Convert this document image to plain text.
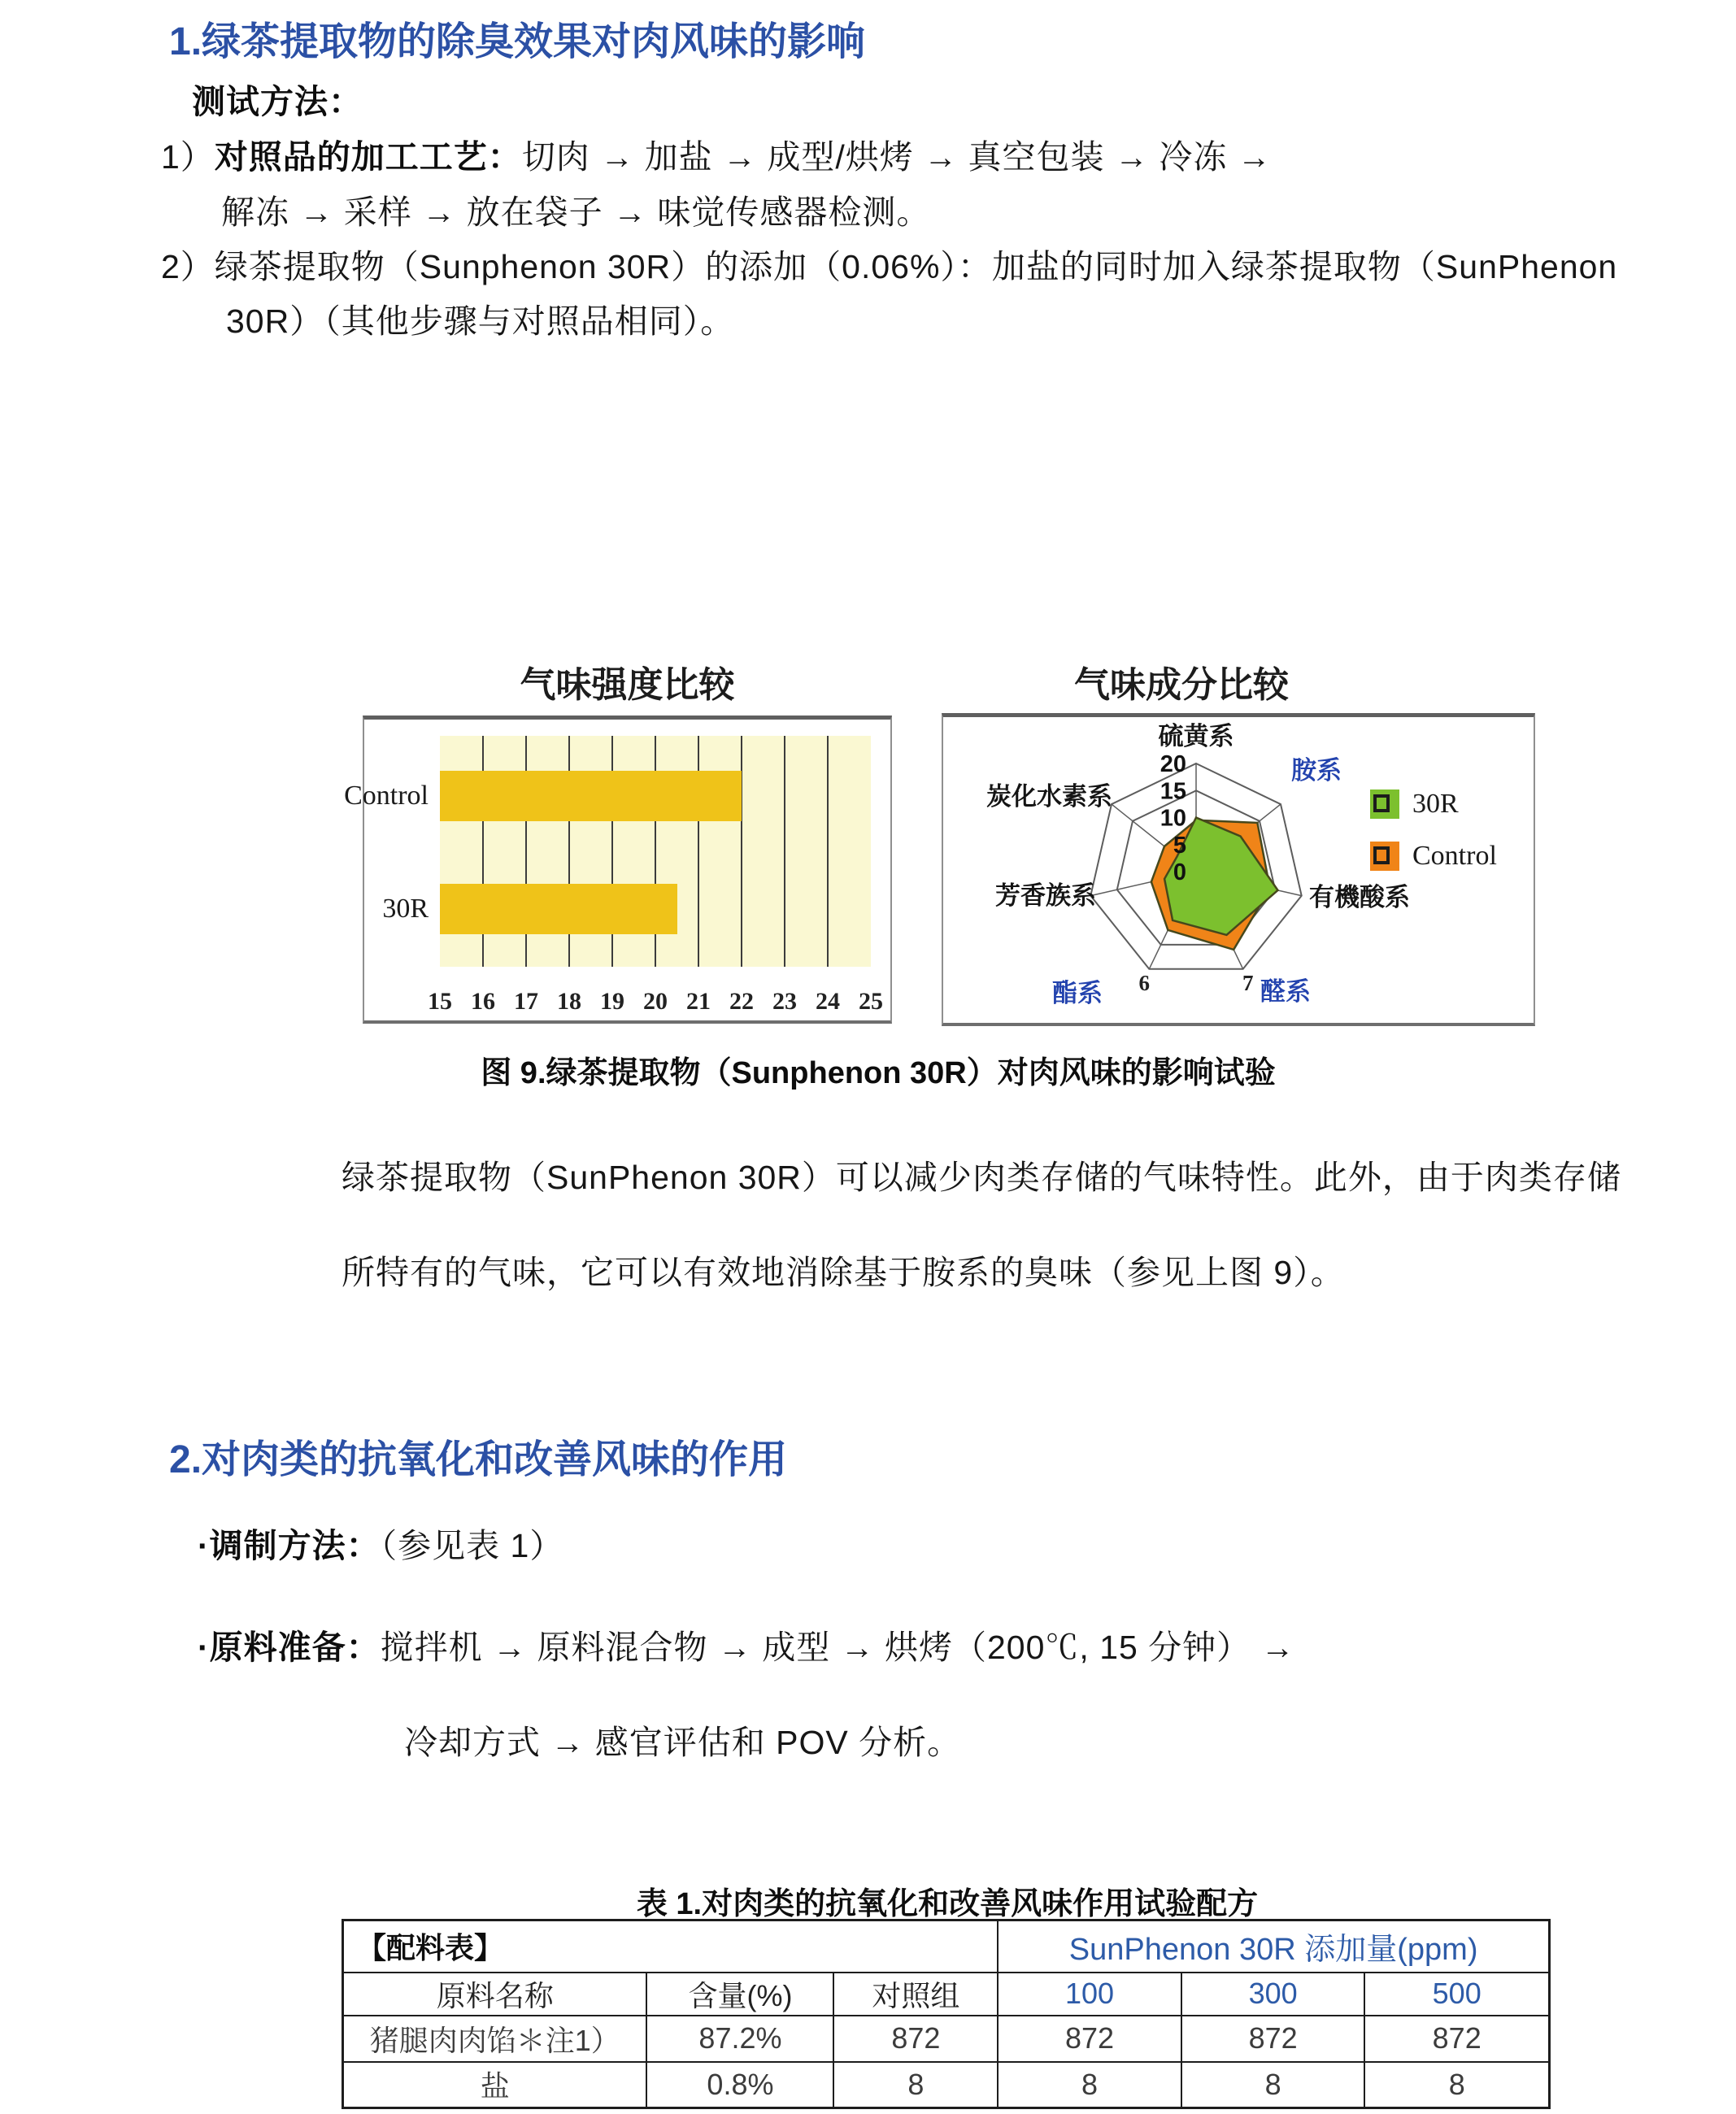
1.绿茶提取物的除臭效果对肉风味的影响
测试方法：
1）对照品的加工工艺：切肉 → 加盐 → 成型/烘烤 → 真空包装 → 冷冻 →
解冻 → 采样 → 放在袋子 → 味觉传感器检测。
2）绿茶提取物（Sunphenon 30R）的添加（0.06%）：加盐的同时加入绿茶提取物（SunPhenon
30R）（其他步骤与对照品相同）。
气味强度比较
Control
30R
15 16 17 18 19 20 21 22 23 24 25
气味成分比较
20
15
10
5
0
硫黄系
胺系
有機酸系
醛系
酯系
芳香族系
炭化水素系
7
6
30R
Control
图 9.绿茶提取物（Sunphenon 30R）对肉风味的影响试验
绿茶提取物（SunPhenon 30R）可以减少肉类存储的气味特性。此外，由于肉类存储
所特有的气味，它可以有效地消除基于胺系的臭味（参见上图 9）。
2.对肉类的抗氧化和改善风味的作用
·调制方法：（参见表 1）
·原料准备：搅拌机 → 原料混合物 → 成型 → 烘烤（200℃, 15 分钟） →
冷却方式 → 感官评估和 POV 分析。
表 1.对肉类的抗氧化和改善风味作用试验配方
【配料表】			SunPhenon 30R 添加量(ppm)		
原料名称	含量(%)	对照组	100	300	500
猪腿肉肉馅＊注1）	87.2%	872	872	872	872
盐	0.8%	8	8	8	8
